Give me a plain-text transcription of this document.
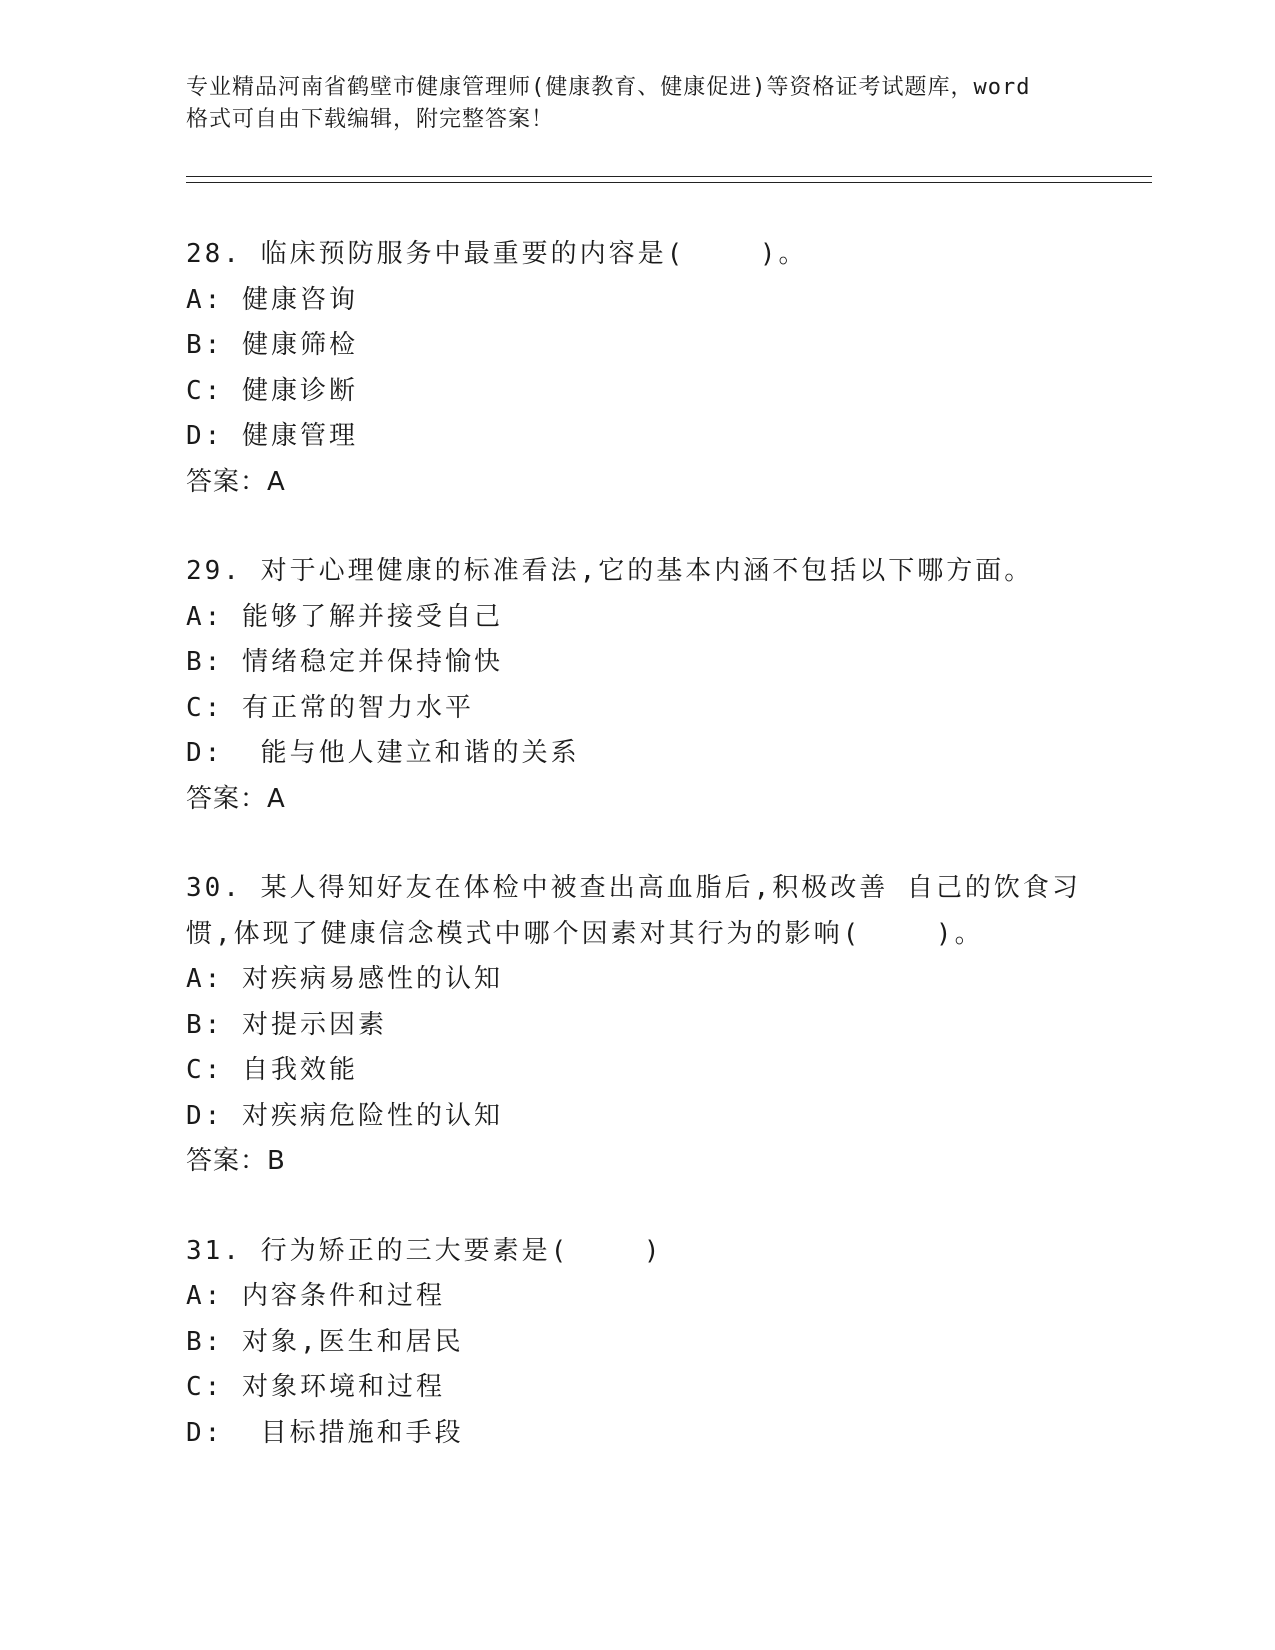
专业精品河南省鹤壁市健康管理师(健康教育、健康促进)等资格证考试题库，word

格式可自由下载编辑，附完整答案！

28. 临床预防服务中最重要的内容是(    )。

A: 健康咨询

B: 健康筛检

C: 健康诊断

D: 健康管理

答案：A

29. 对于心理健康的标准看法,它的基本内涵不包括以下哪方面。

A: 能够了解并接受自己

B: 情绪稳定并保持愉快

C: 有正常的智力水平

D:  能与他人建立和谐的关系

答案：A

30. 某人得知好友在体检中被查出高血脂后,积极改善 自己的饮食习

惯,体现了健康信念模式中哪个因素对其行为的影响(    )。

A: 对疾病易感性的认知

B: 对提示因素

C: 自我效能

D: 对疾病危险性的认知

答案：B

31. 行为矫正的三大要素是(    )

A: 内容条件和过程

B: 对象,医生和居民

C: 对象环境和过程

D:  目标措施和手段
